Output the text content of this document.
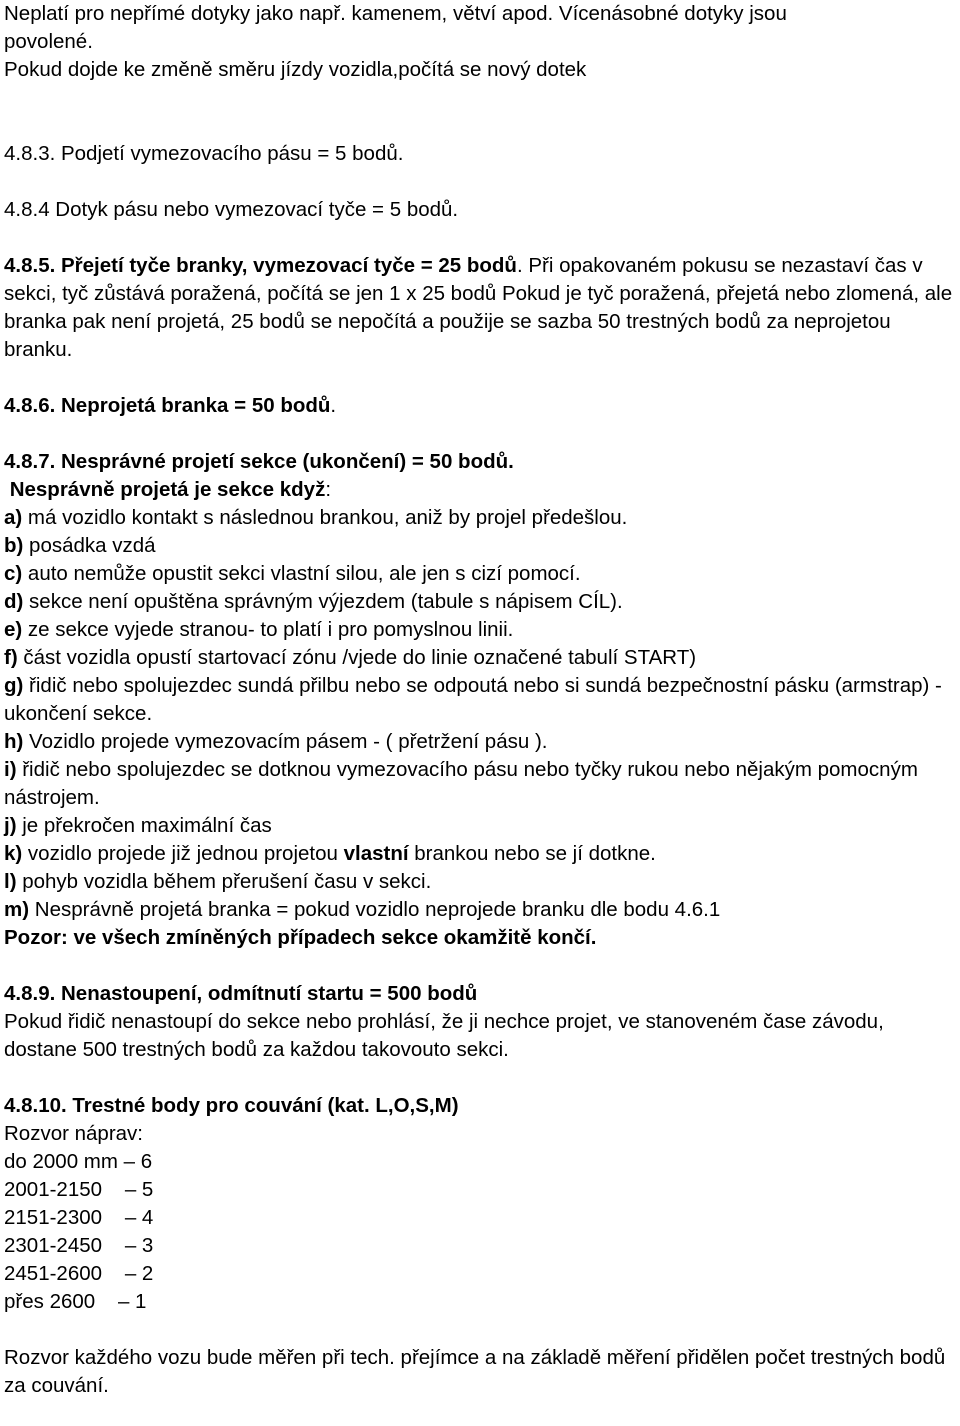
Neplatí pro nepřímé dotyky jako např. kamenem, větví apod. Vícenásobné dotyky jsou

povolené.

Pokud dojde ke změně směru jízdy vozidla,počítá se nový dotek

4.8.3. Podjetí vymezovacího pásu = 5 bodů.

4.8.4 Dotyk pásu nebo vymezovací tyče = 5 bodů.

4.8.5. Přejetí tyče branky, vymezovací tyče = 25 bodů. Při opakovaném pokusu se nezastaví čas v sekci, tyč zůstává poražená, počítá se jen 1 x 25 bodů Pokud je tyč poražená, přejetá nebo zlomená, ale branka pak není projetá, 25 bodů se nepočítá a použije se sazba 50 trestných bodů za neprojetou branku.

4.8.6. Neprojetá branka = 50 bodů.

4.8.7. Nesprávné projetí sekce (ukončení) = 50 bodů.

Nesprávně projetá je sekce když:

a) má vozidlo kontakt s následnou brankou, aniž by projel předešlou.

b) posádka vzdá

c) auto nemůže opustit sekci vlastní silou, ale jen s cizí pomocí.

d) sekce není opuštěna správným výjezdem (tabule s nápisem CÍL).

e) ze sekce vyjede stranou- to platí i pro pomyslnou linii.

f) část vozidla opustí startovací zónu /vjede do linie označené tabulí START)

g) řidič nebo spolujezdec sundá přilbu nebo se odpoutá nebo si sundá bezpečnostní pásku (armstrap) - ukončení sekce.

h) Vozidlo projede vymezovacím pásem - ( přetržení pásu ).

i) řidič nebo spolujezdec se dotknou vymezovacího pásu nebo tyčky rukou nebo nějakým pomocným nástrojem.

j) je překročen maximální čas

k) vozidlo projede již jednou projetou vlastní brankou nebo se jí dotkne.

l) pohyb vozidla během přerušení času v sekci.

m) Nesprávně projetá branka = pokud vozidlo neprojede branku dle bodu 4.6.1

Pozor: ve všech zmíněných případech sekce okamžitě končí.

4.8.9. Nenastoupení, odmítnutí startu = 500 bodů

Pokud řidič nenastoupí do sekce nebo prohlásí, že ji nechce projet, ve stanoveném čase závodu, dostane 500 trestných bodů za každou takovouto sekci.

4.8.10. Trestné body pro couvání (kat. L,O,S,M)

Rozvor náprav:

do 2000 mm – 6

2001-2150    – 5

2151-2300    – 4

2301-2450    – 3

2451-2600    – 2

přes 2600    – 1

Rozvor každého vozu bude měřen při tech. přejímce a na základě měření přidělen počet trestných bodů za couvání.
